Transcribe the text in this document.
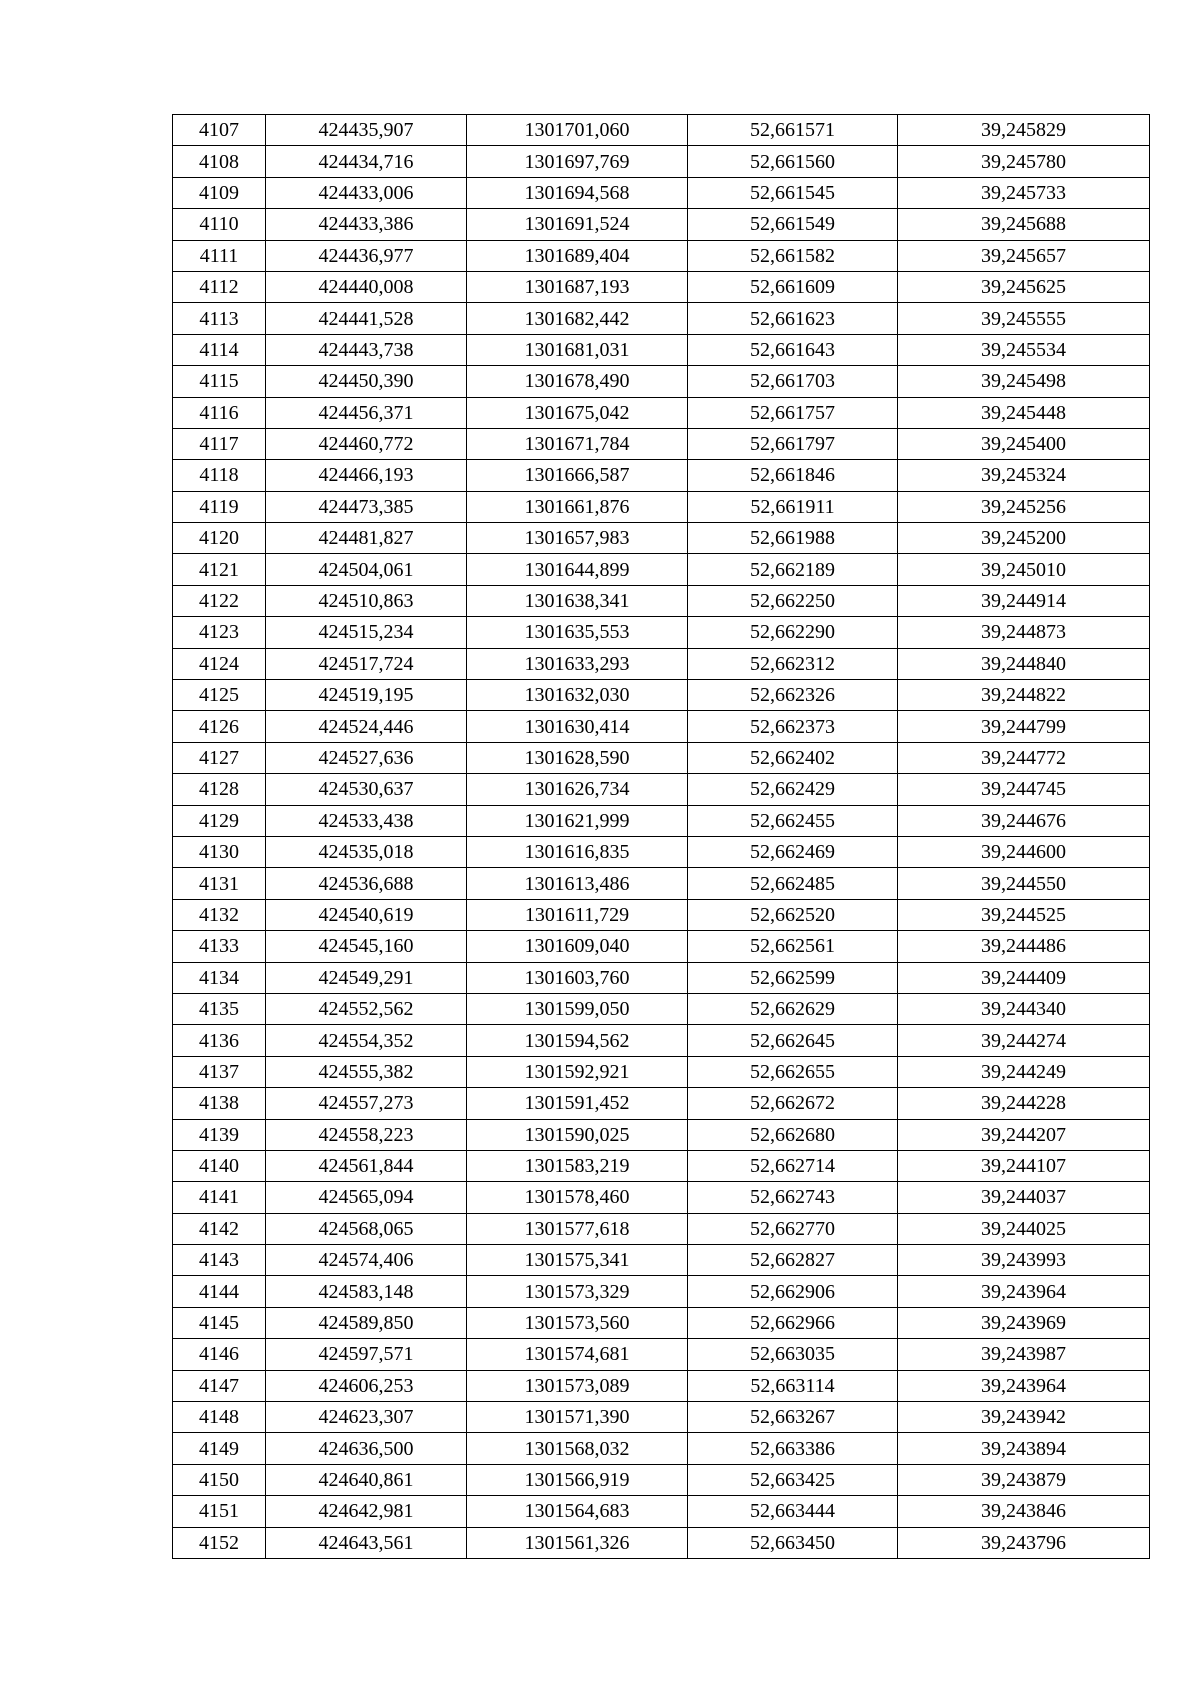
4107	424435,907	1301701,060	52,661571	39,245829
4108	424434,716	1301697,769	52,661560	39,245780
4109	424433,006	1301694,568	52,661545	39,245733
4110	424433,386	1301691,524	52,661549	39,245688
4111	424436,977	1301689,404	52,661582	39,245657
4112	424440,008	1301687,193	52,661609	39,245625
4113	424441,528	1301682,442	52,661623	39,245555
4114	424443,738	1301681,031	52,661643	39,245534
4115	424450,390	1301678,490	52,661703	39,245498
4116	424456,371	1301675,042	52,661757	39,245448
4117	424460,772	1301671,784	52,661797	39,245400
4118	424466,193	1301666,587	52,661846	39,245324
4119	424473,385	1301661,876	52,661911	39,245256
4120	424481,827	1301657,983	52,661988	39,245200
4121	424504,061	1301644,899	52,662189	39,245010
4122	424510,863	1301638,341	52,662250	39,244914
4123	424515,234	1301635,553	52,662290	39,244873
4124	424517,724	1301633,293	52,662312	39,244840
4125	424519,195	1301632,030	52,662326	39,244822
4126	424524,446	1301630,414	52,662373	39,244799
4127	424527,636	1301628,590	52,662402	39,244772
4128	424530,637	1301626,734	52,662429	39,244745
4129	424533,438	1301621,999	52,662455	39,244676
4130	424535,018	1301616,835	52,662469	39,244600
4131	424536,688	1301613,486	52,662485	39,244550
4132	424540,619	1301611,729	52,662520	39,244525
4133	424545,160	1301609,040	52,662561	39,244486
4134	424549,291	1301603,760	52,662599	39,244409
4135	424552,562	1301599,050	52,662629	39,244340
4136	424554,352	1301594,562	52,662645	39,244274
4137	424555,382	1301592,921	52,662655	39,244249
4138	424557,273	1301591,452	52,662672	39,244228
4139	424558,223	1301590,025	52,662680	39,244207
4140	424561,844	1301583,219	52,662714	39,244107
4141	424565,094	1301578,460	52,662743	39,244037
4142	424568,065	1301577,618	52,662770	39,244025
4143	424574,406	1301575,341	52,662827	39,243993
4144	424583,148	1301573,329	52,662906	39,243964
4145	424589,850	1301573,560	52,662966	39,243969
4146	424597,571	1301574,681	52,663035	39,243987
4147	424606,253	1301573,089	52,663114	39,243964
4148	424623,307	1301571,390	52,663267	39,243942
4149	424636,500	1301568,032	52,663386	39,243894
4150	424640,861	1301566,919	52,663425	39,243879
4151	424642,981	1301564,683	52,663444	39,243846
4152	424643,561	1301561,326	52,663450	39,243796
